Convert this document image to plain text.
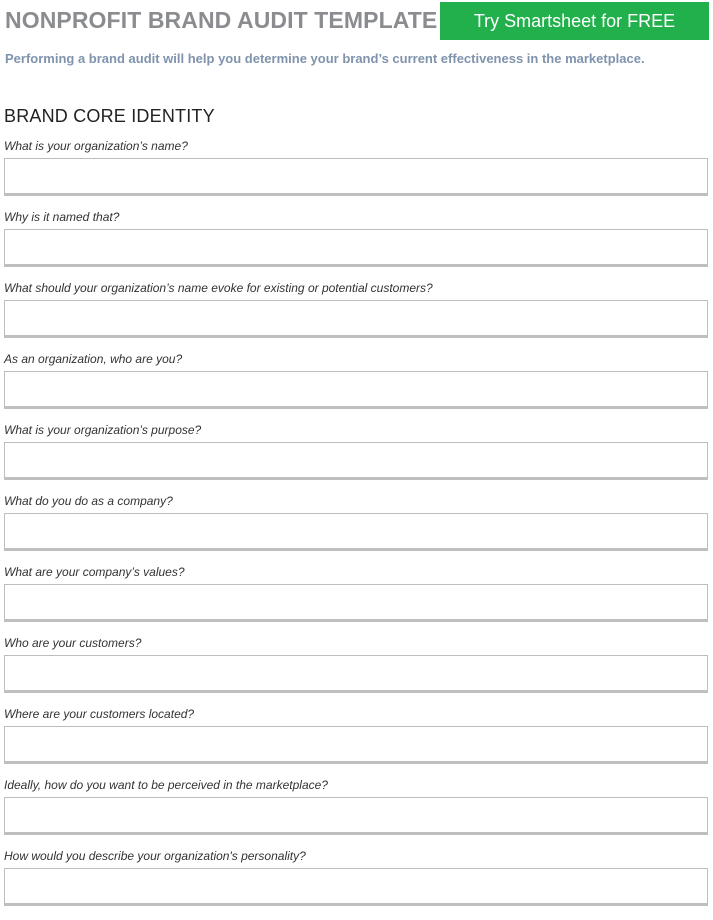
NONPROFIT BRAND AUDIT TEMPLATE	Try Smartsheet for FREE
Performing a brand audit will help you determine your brand’s current effectiveness in the marketplace.
BRAND CORE IDENTITY
What is your organization’s name?
Why is it named that?
What should your organization’s name evoke for existing or potential customers?
As an organization, who are you?
What is your organization’s purpose?
What do you do as a company?
What are your company’s values?
Who are your customers?
Where are your customers located?
Ideally, how do you want to be perceived in the marketplace?
How would you describe your organization's personality?
